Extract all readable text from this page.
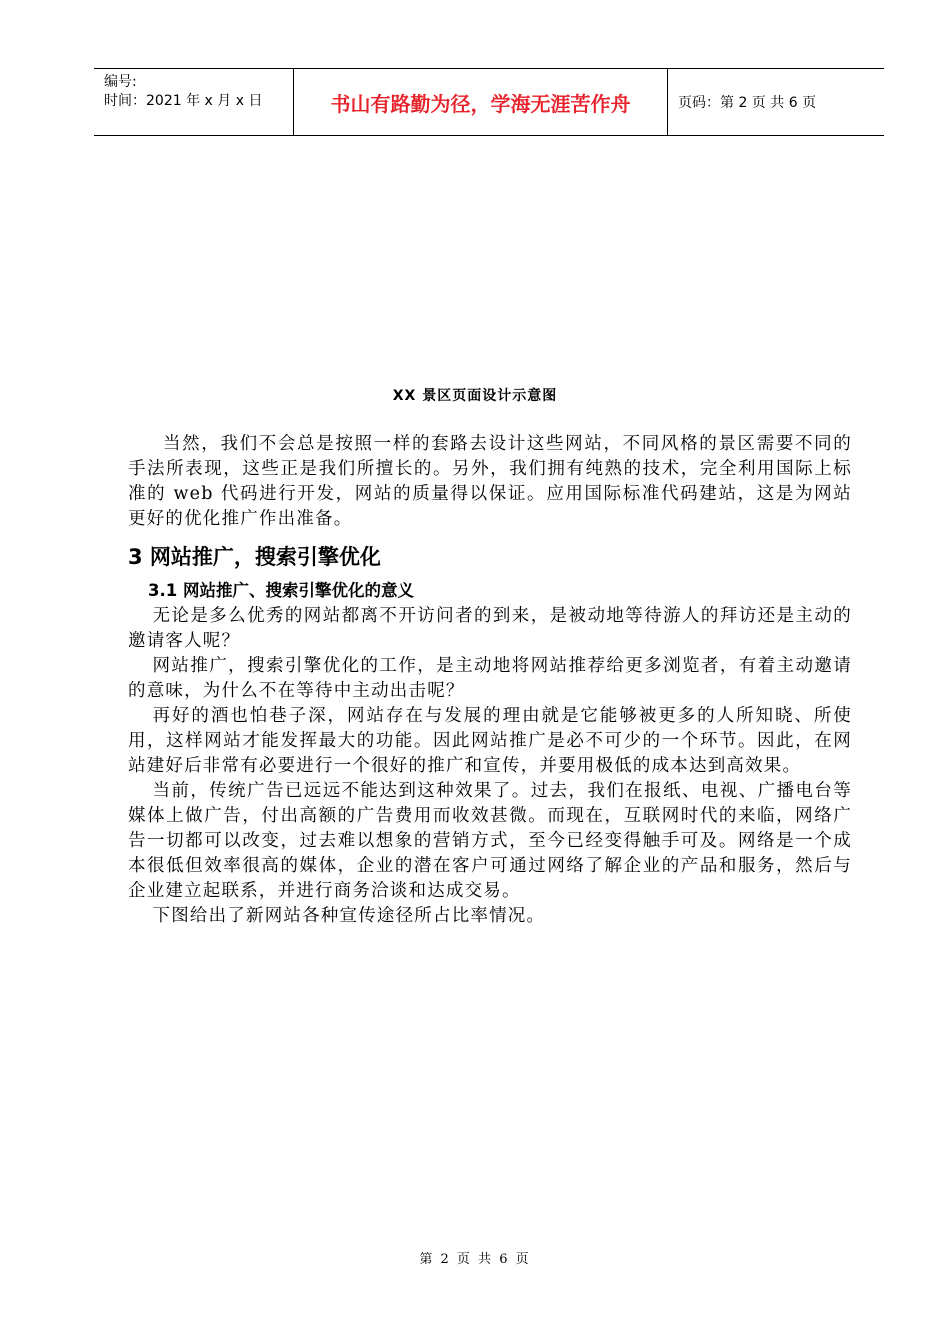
编号:
时间：2021 年 x 月 x 日	书山有路勤为径，学海无涯苦作舟	页码：第 2 页 共 6 页
XX 景区页面设计示意图

当然，我们不会总是按照一样的套路去设计这些网站，不同风格的景区需要不同的手法所表现，这些正是我们所擅长的。另外，我们拥有纯熟的技术，完全利用国际上标准的 web 代码进行开发，网站的质量得以保证。应用国际标准代码建站，这是为网站更好的优化推广作出准备。

3 网站推广，搜索引擎优化
3.1 网站推广、搜索引擎优化的意义

无论是多么优秀的网站都离不开访问者的到来，是被动地等待游人的拜访还是主动的邀请客人呢？

网站推广，搜索引擎优化的工作，是主动地将网站推荐给更多浏览者，有着主动邀请的意味，为什么不在等待中主动出击呢？

再好的酒也怕巷子深，网站存在与发展的理由就是它能够被更多的人所知晓、所使用，这样网站才能发挥最大的功能。因此网站推广是必不可少的一个环节。因此，在网站建好后非常有必要进行一个很好的推广和宣传，并要用极低的成本达到高效果。

当前，传统广告已远远不能达到这种效果了。过去，我们在报纸、电视、广播电台等媒体上做广告，付出高额的广告费用而收效甚微。而现在，互联网时代的来临，网络广告一切都可以改变，过去难以想象的营销方式，至今已经变得触手可及。网络是一个成本很低但效率很高的媒体，企业的潜在客户可通过网络了解企业的产品和服务，然后与企业建立起联系，并进行商务洽谈和达成交易。

下图给出了新网站各种宣传途径所占比率情况。

第 2 页 共 6 页
